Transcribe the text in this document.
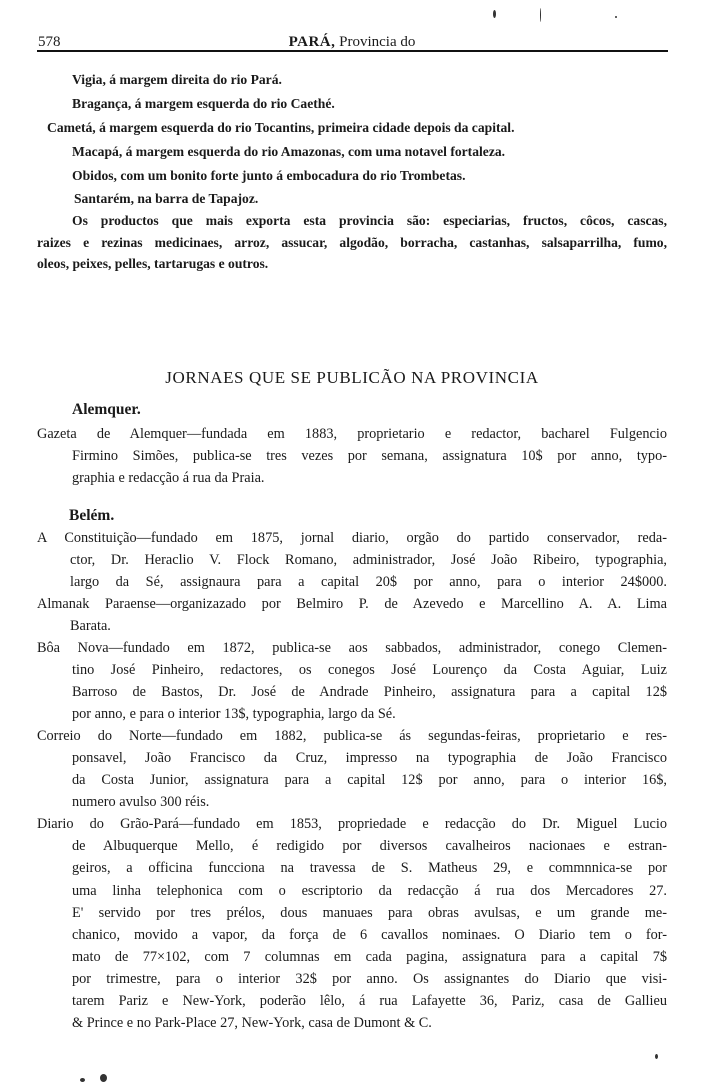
578	PARÁ, Provincia do
Vigia, á margem direita do rio Pará.
Bragança, á margem esquerda do rio Caethé.
Cametá, á margem esquerda do rio Tocantins, primeira cidade depois da capital.
Macapá, á margem esquerda do rio Amazonas, com uma notavel fortaleza.
Obidos, com um bonito forte junto á embocadura do rio Trombetas.
Santarém, na barra de Tapajoz.
Os productos que mais exporta esta provincia são: especiarias, fructos, côcos, cascas,
raizes e rezinas medicinaes, arroz, assucar, algodão, borracha, castanhas, salsaparrilha, fumo,
oleos, peixes, pelles, tartarugas e outros.
JORNAES QUE SE PUBLICÃO NA PROVINCIA
Alemquer.
Belém.
Gazeta de Alemquer—fundada em 1883, proprietario e redactor, bacharel Fulgencio
Firmino Simões, publica-se tres vezes por semana, assignatura 10$ por anno, typo-
graphia e redacção á rua da Praia.
A Constituição—fundado em 1875, jornal diario, orgão do partido conservador, reda-
ctor, Dr. Heraclio V. Flock Romano, administrador, José João Ribeiro, typographia,
largo da Sé, assignaura para a capital 20$ por anno, para o interior 24$000.
Almanak Paraense—organizazado por Belmiro P. de Azevedo e Marcellino A. A. Lima
Barata.
Bôa Nova—fundado em 1872, publica-se aos sabbados, administrador, conego Clemen-
tino José Pinheiro, redactores, os conegos José Lourenço da Costa Aguiar, Luiz
Barroso de Bastos, Dr. José de Andrade Pinheiro, assignatura para a capital 12$
por anno, e para o interior 13$, typographia, largo da Sé.
Correio do Norte—fundado em 1882, publica-se ás segundas-feiras, proprietario e res-
ponsavel, João Francisco da Cruz, impresso na typographia de João Francisco
da Costa Junior, assignatura para a capital 12$ por anno, para o interior 16$,
numero avulso 300 réis.
Diario do Grão-Pará—fundado em 1853, propriedade e redacção do Dr. Miguel Lucio
de Albuquerque Mello, é redigido por diversos cavalheiros nacionaes e estran-
geiros, a officina funcciona na travessa de S. Matheus 29, e commnnica-se por
uma linha telephonica com o escriptorio da redacção á rua dos Mercadores 27.
E' servido por tres prélos, dous manuaes para obras avulsas, e um grande me-
chanico, movido a vapor, da força de 6 cavallos nominaes. O Diario tem o for-
mato de 77×102, com 7 columnas em cada pagina, assignatura para a capital 7$
por trimestre, para o interior 32$ por anno. Os assignantes do Diario que visi-
tarem Pariz e New-York, poderão lêlo, á rua Lafayette 36, Pariz, casa de Gallieu
& Prince e no Park-Place 27, New-York, casa de Dumont & C.
